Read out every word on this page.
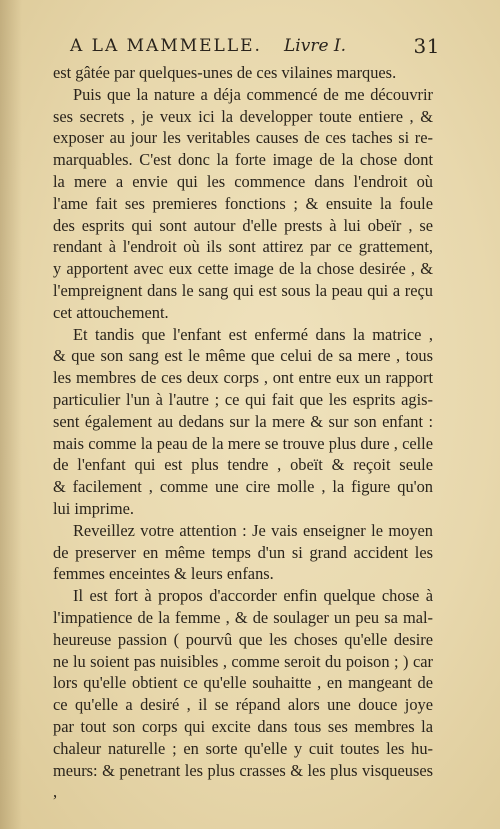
A LA MAMMELLE. Livre I.	31

est gâtée par quelques-unes de ces vilaines marques.

Puis que la nature a déja commencé de me découvrir

ses secrets , je veux ici la developper toute entiere , &

exposer au jour les veritables causes de ces taches si re-

marquables. C'est donc la forte image de la chose dont

la mere a envie qui les commence dans l'endroit où

l'ame fait ses premieres fonctions ; & ensuite la foule

des esprits qui sont autour d'elle prests à lui obeïr , se

rendant à l'endroit où ils sont attirez par ce grattement,

y apportent avec eux cette image de la chose desirée , &

l'empreignent dans le sang qui est sous la peau qui a reçu

cet attouchement.

Et tandis que l'enfant est enfermé dans la matrice ,

& que son sang est le même que celui de sa mere , tous

les membres de ces deux corps , ont entre eux un rapport

particulier l'un à l'autre ; ce qui fait que les esprits agis-

sent également au dedans sur la mere & sur son enfant :

mais comme la peau de la mere se trouve plus dure , celle

de l'enfant qui est plus tendre , obeït & reçoit seule

& facilement , comme une cire molle , la figure qu'on

lui imprime.

Reveillez votre attention : Je vais enseigner le moyen

de preserver en même temps d'un si grand accident les

femmes enceintes & leurs enfans.

Il est fort à propos d'accorder enfin quelque chose à

l'impatience de la femme , & de soulager un peu sa mal-

heureuse passion ( pourvû que les choses qu'elle desire

ne lu soient pas nuisibles , comme seroit du poison ; ) car

lors qu'elle obtient ce qu'elle souhaitte , en mangeant de

ce qu'elle a desiré , il se répand alors une douce joye

par tout son corps qui excite dans tous ses membres la

chaleur naturelle ; en sorte qu'elle y cuit toutes les hu-

meurs: & penetrant les plus crasses & les plus visqueuses ,
